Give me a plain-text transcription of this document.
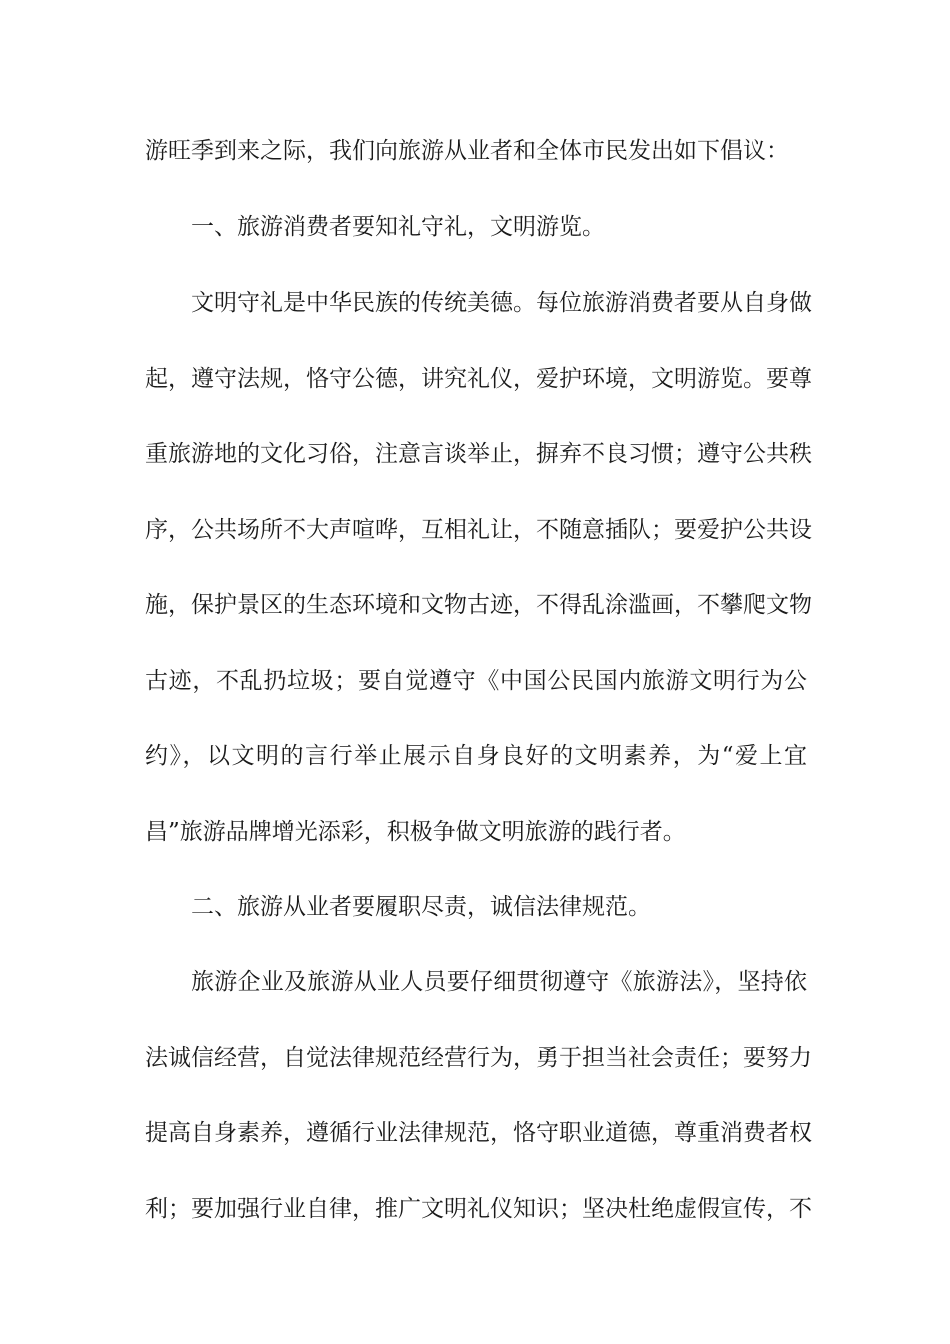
游旺季到来之际，我们向旅游从业者和全体市民发出如下倡议：
一、旅游消费者要知礼守礼，文明游览。
文明守礼是中华民族的传统美德。每位旅游消费者要从自身做
起，遵守法规，恪守公德，讲究礼仪，爱护环境，文明游览。要尊
重旅游地的文化习俗，注意言谈举止，摒弃不良习惯；遵守公共秩
序，公共场所不大声喧哗，互相礼让，不随意插队；要爱护公共设
施，保护景区的生态环境和文物古迹，不得乱涂滥画，不攀爬文物
古迹，不乱扔垃圾；要自觉遵守《中国公民国内旅游文明行为公
约》，以文明的言行举止展示自身良好的文明素养，为“爱上宜
昌”旅游品牌增光添彩，积极争做文明旅游的践行者。
二、旅游从业者要履职尽责，诚信法律规范。
旅游企业及旅游从业人员要仔细贯彻遵守《旅游法》，坚持依
法诚信经营，自觉法律规范经营行为，勇于担当社会责任；要努力
提高自身素养，遵循行业法律规范，恪守职业道德，尊重消费者权
利；要加强行业自律，推广文明礼仪知识；坚决杜绝虚假宣传，不
